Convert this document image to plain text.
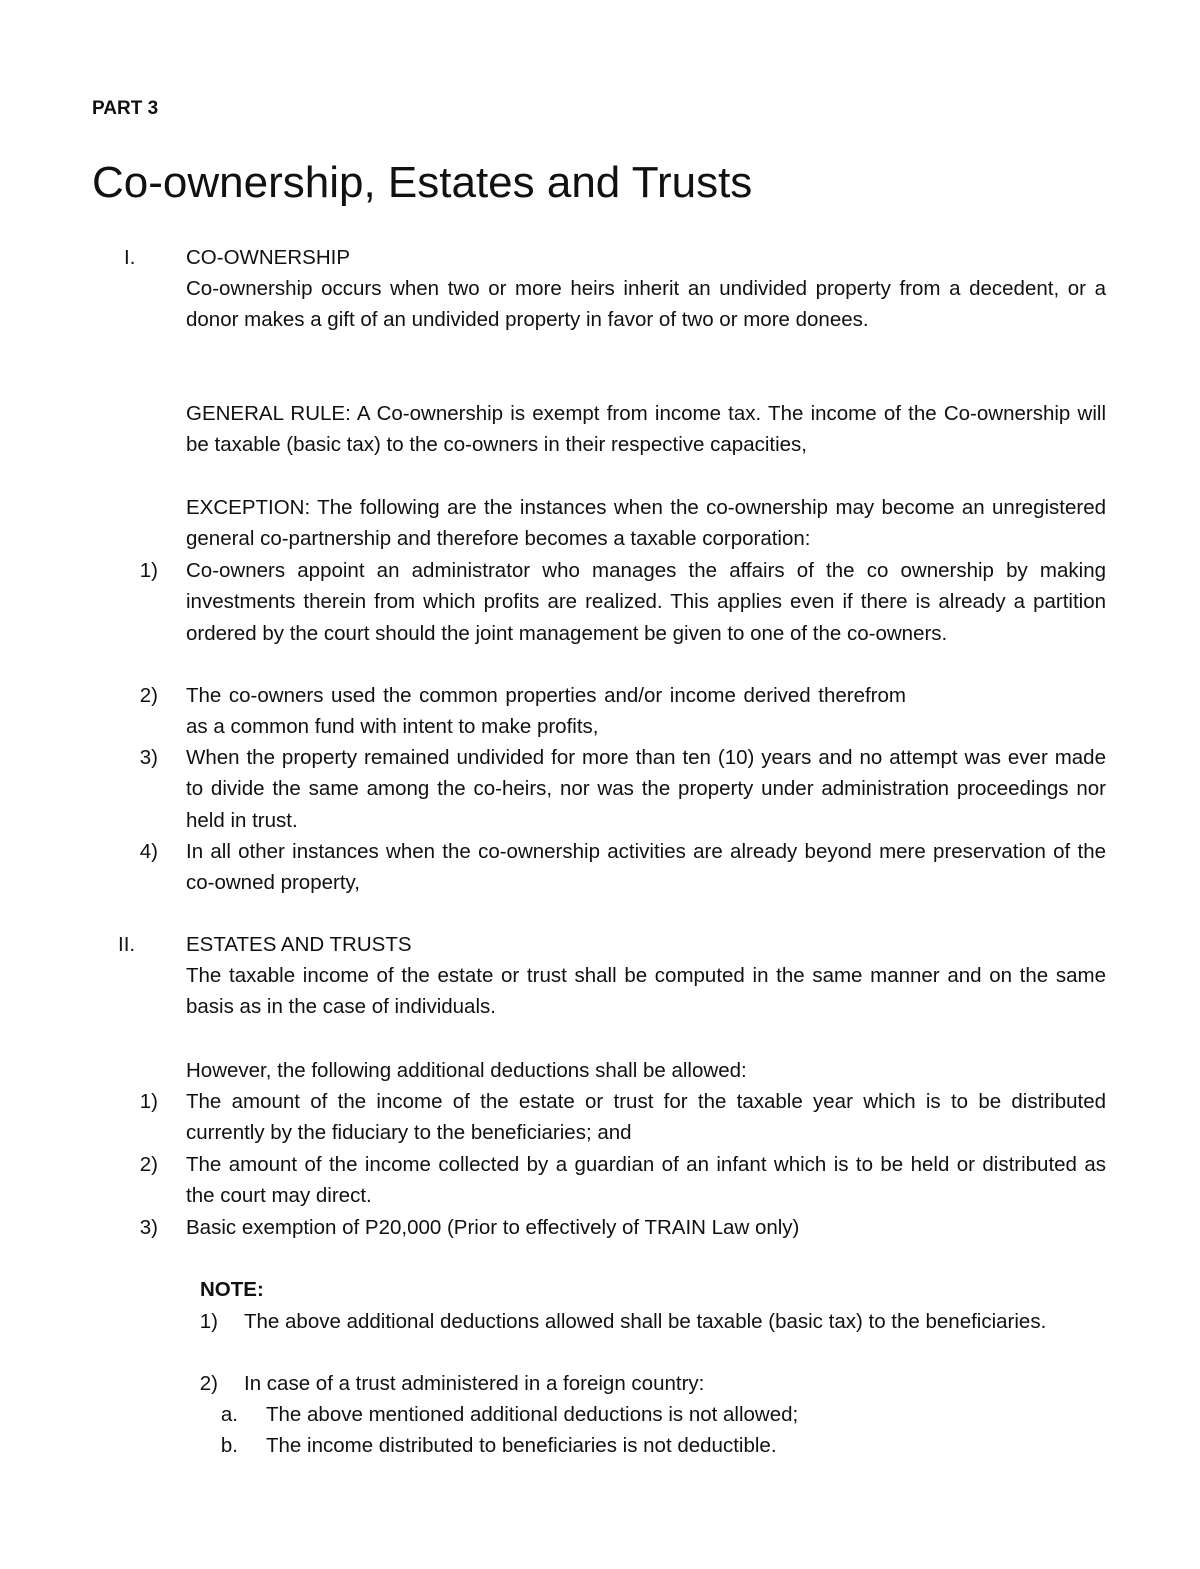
PART 3
Co-ownership, Estates and Trusts
I. CO-OWNERSHIP
Co-ownership occurs when two or more heirs inherit an undivided property from a decedent, or a donor makes a gift of an undivided property in favor of two or more donees.
GENERAL RULE: A Co-ownership is exempt from income tax. The income of the Co-ownership will be taxable (basic tax) to the co-owners in their respective capacities,
EXCEPTION: The following are the instances when the co-ownership may become an unregistered general co-partnership and therefore becomes a taxable corporation:
1) Co-owners appoint an administrator who manages the affairs of the co ownership by making investments therein from which profits are realized. This applies even if there is already a partition ordered by the court should the joint management be given to one of the co-owners.
2) The co-owners used the common properties and/or income derived therefrom as a common fund with intent to make profits,
3) When the property remained undivided for more than ten (10) years and no attempt was ever made to divide the same among the co-heirs, nor was the property under administration proceedings nor held in trust.
4) In all other instances when the co-ownership activities are already beyond mere preservation of the co-owned property,
II. ESTATES AND TRUSTS
The taxable income of the estate or trust shall be computed in the same manner and on the same basis as in the case of individuals.
However, the following additional deductions shall be allowed:
1) The amount of the income of the estate or trust for the taxable year which is to be distributed currently by the fiduciary to the beneficiaries; and
2) The amount of the income collected by a guardian of an infant which is to be held or distributed as the court may direct.
3) Basic exemption of P20,000 (Prior to effectively of TRAIN Law only)
NOTE:
1) The above additional deductions allowed shall be taxable (basic tax) to the beneficiaries.
2) In case of a trust administered in a foreign country:
a. The above mentioned additional deductions is not allowed;
b. The income distributed to beneficiaries is not deductible.
